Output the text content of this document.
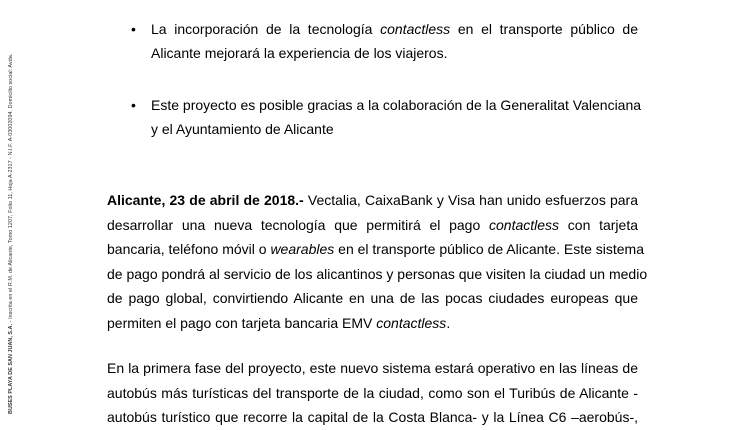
BUSES PLAYA DE SAN JUAN, S.A. - Inscrita en el R.M. de Alicante, Tomo 1207, Folio 11, Hoja A-2317 - N.I.F. A-03002094. Domicilio social: Avda.
•	La incorporación de la tecnología contactless en el transporte público de
Alicante mejorará la experiencia de los viajeros.
•	Este proyecto es posible gracias a la colaboración de la Generalitat Valenciana
y el Ayuntamiento de Alicante
Alicante, 23 de abril de 2018.- Vectalia, CaixaBank y Visa han unido esfuerzos para
desarrollar una nueva tecnología que permitirá el pago contactless con tarjeta
bancaria, teléfono móvil o wearables en el transporte público de Alicante. Este sistema
de pago pondrá al servicio de los alicantinos y personas que visiten la ciudad un medio
de pago global, convirtiendo Alicante en una de las pocas ciudades europeas que
permiten el pago con tarjeta bancaria EMV contactless.
En la primera fase del proyecto, este nuevo sistema estará operativo en las líneas de
autobús más turísticas del transporte de la ciudad, como son el Turibús de Alicante -
autobús turístico que recorre la capital de la Costa Blanca- y la Línea C6 –aerobús-,
